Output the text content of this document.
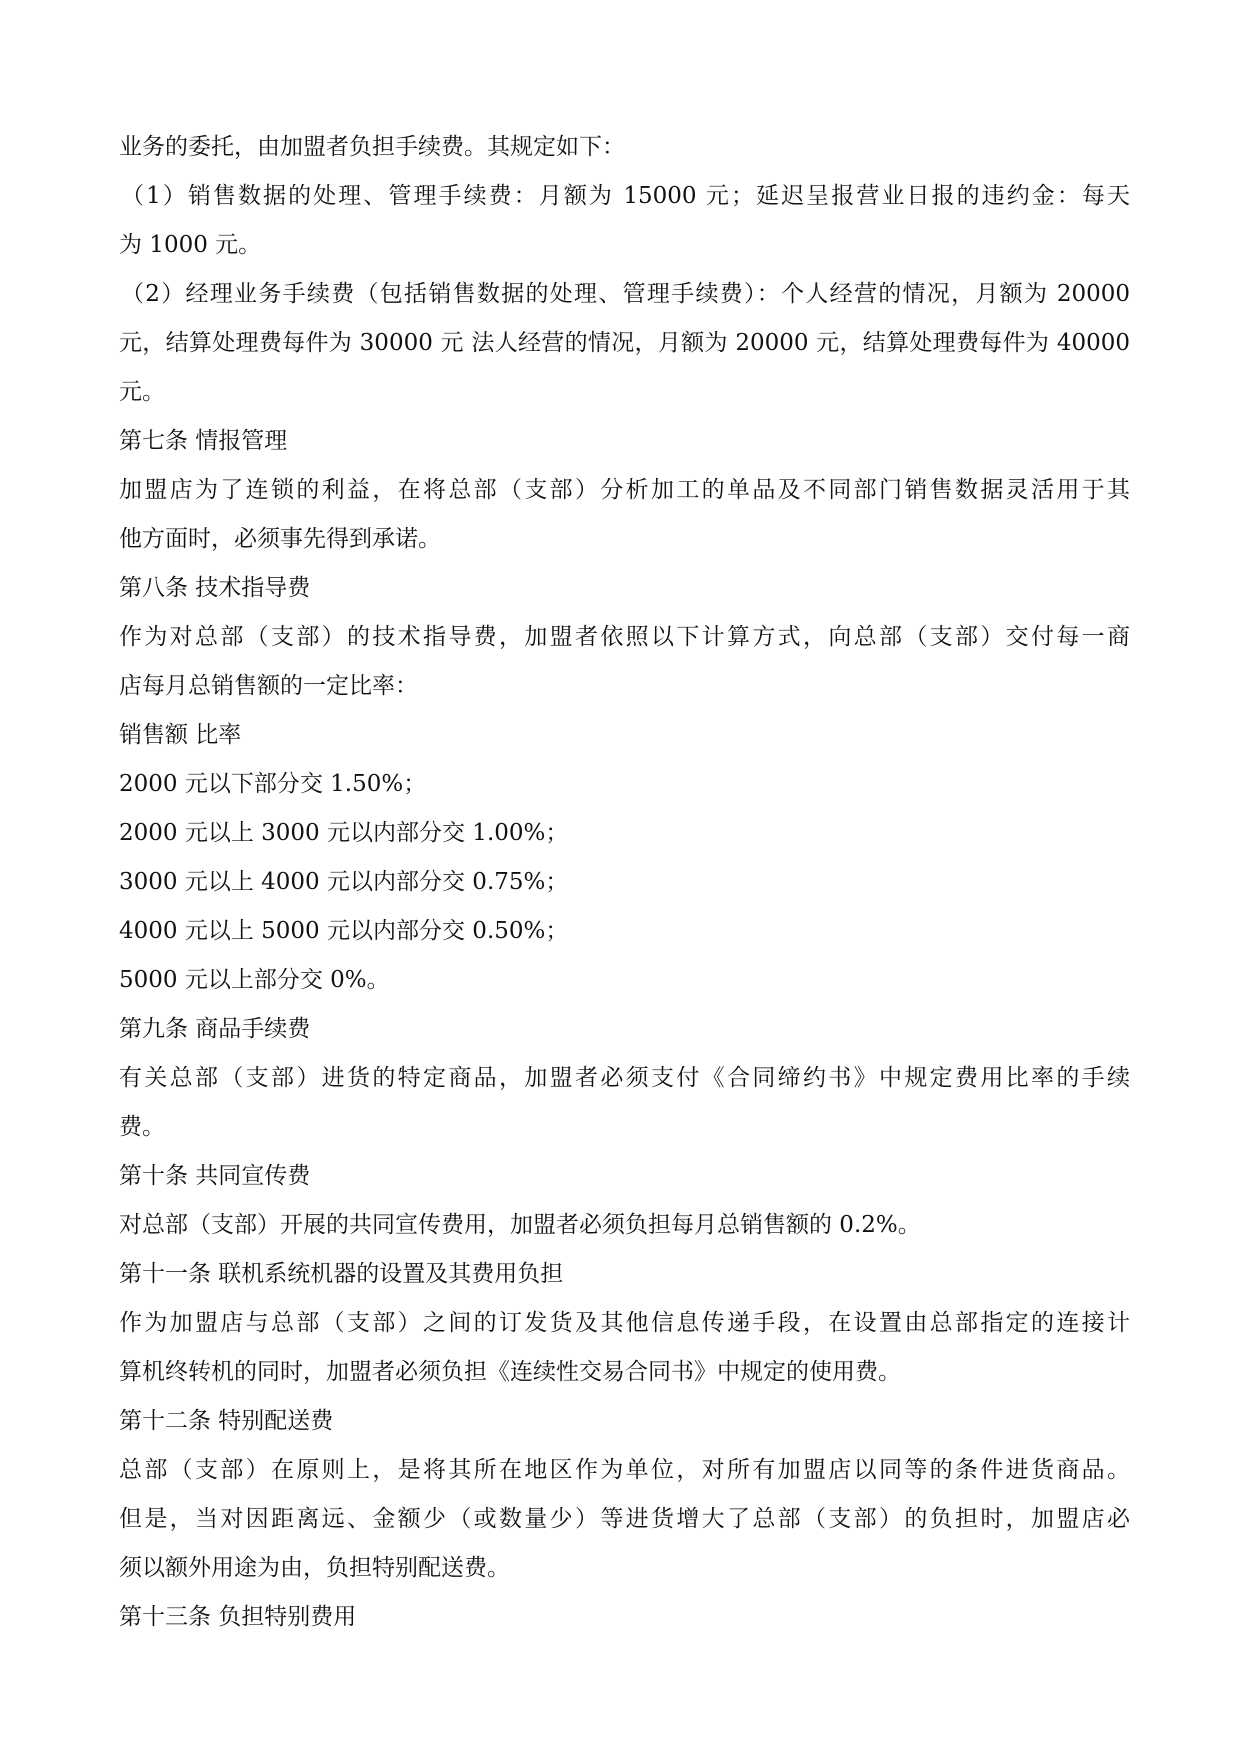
业务的委托，由加盟者负担手续费。其规定如下：
（1）销售数据的处理、管理手续费：月额为 15000 元；延迟呈报营业日报的违约金：每天
为 1000 元。
（2）经理业务手续费（包括销售数据的处理、管理手续费）：个人经营的情况，月额为 20000
元，结算处理费每件为 30000 元 法人经营的情况，月额为 20000 元，结算处理费每件为 40000
元。
第七条 情报管理
加盟店为了连锁的利益，在将总部（支部）分析加工的单品及不同部门销售数据灵活用于其
他方面时，必须事先得到承诺。
第八条 技术指导费
作为对总部（支部）的技术指导费，加盟者依照以下计算方式，向总部（支部）交付每一商
店每月总销售额的一定比率：
销售额 比率
2000 元以下部分交 1.50%；
2000 元以上 3000 元以内部分交 1.00%；
3000 元以上 4000 元以内部分交 0.75%；
4000 元以上 5000 元以内部分交 0.50%；
5000 元以上部分交 0%。
第九条 商品手续费
有关总部（支部）进货的特定商品，加盟者必须支付《合同缔约书》中规定费用比率的手续
费。
第十条 共同宣传费
对总部（支部）开展的共同宣传费用，加盟者必须负担每月总销售额的 0.2%。
第十一条 联机系统机器的设置及其费用负担
作为加盟店与总部（支部）之间的订发货及其他信息传递手段，在设置由总部指定的连接计
算机终转机的同时，加盟者必须负担《连续性交易合同书》中规定的使用费。
第十二条 特别配送费
总部（支部）在原则上，是将其所在地区作为单位，对所有加盟店以同等的条件进货商品。
但是，当对因距离远、金额少（或数量少）等进货增大了总部（支部）的负担时，加盟店必
须以额外用途为由，负担特别配送费。
第十三条 负担特别费用
